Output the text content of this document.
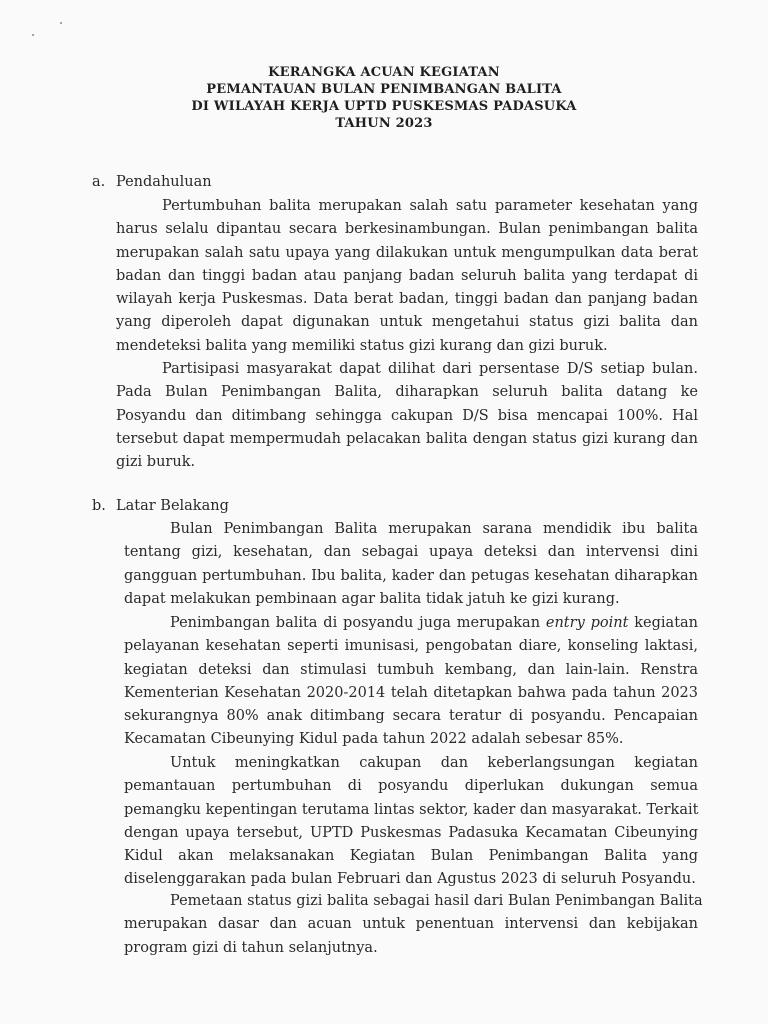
KERANGKA ACUAN KEGIATAN
PEMANTAUAN BULAN PENIMBANGAN BALITA
DI WILAYAH KERJA UPTD PUSKESMAS PADASUKA
TAHUN 2023
a. Pendahuluan
Pertumbuhan balita merupakan salah satu parameter kesehatan yang
harus selalu dipantau secara berkesinambungan. Bulan penimbangan balita
merupakan salah satu upaya yang dilakukan untuk mengumpulkan data berat
badan dan tinggi badan atau panjang badan seluruh balita yang terdapat di
wilayah kerja Puskesmas. Data berat badan, tinggi badan dan panjang badan
yang diperoleh dapat digunakan untuk mengetahui status gizi balita dan
mendeteksi balita yang memiliki status gizi kurang dan gizi buruk.
Partisipasi masyarakat dapat dilihat dari persentase D/S setiap bulan.
Pada Bulan Penimbangan Balita, diharapkan seluruh balita datang ke
Posyandu dan ditimbang sehingga cakupan D/S bisa mencapai 100%. Hal
tersebut dapat mempermudah pelacakan balita dengan status gizi kurang dan
gizi buruk.
b. Latar Belakang
Bulan Penimbangan Balita merupakan sarana mendidik ibu balita
tentang gizi, kesehatan, dan sebagai upaya deteksi dan intervensi dini
gangguan pertumbuhan. Ibu balita, kader dan petugas kesehatan diharapkan
dapat melakukan pembinaan agar balita tidak jatuh ke gizi kurang.
Penimbangan balita di posyandu juga merupakan entry point kegiatan
pelayanan kesehatan seperti imunisasi, pengobatan diare, konseling laktasi,
kegiatan deteksi dan stimulasi tumbuh kembang, dan lain-lain. Renstra
Kementerian Kesehatan 2020-2014 telah ditetapkan bahwa pada tahun 2023
sekurangnya 80% anak ditimbang secara teratur di posyandu. Pencapaian
Kecamatan Cibeunying Kidul pada tahun 2022 adalah sebesar 85%.
Untuk meningkatkan cakupan dan keberlangsungan kegiatan
pemantauan pertumbuhan di posyandu diperlukan dukungan semua
pemangku kepentingan terutama lintas sektor, kader dan masyarakat. Terkait
dengan upaya tersebut, UPTD Puskesmas Padasuka Kecamatan Cibeunying
Kidul akan melaksanakan Kegiatan Bulan Penimbangan Balita yang
diselenggarakan pada bulan Februari dan Agustus 2023 di seluruh Posyandu.
Pemetaan status gizi balita sebagai hasil dari Bulan Penimbangan Balita
merupakan dasar dan acuan untuk penentuan intervensi dan kebijakan
program gizi di tahun selanjutnya.
